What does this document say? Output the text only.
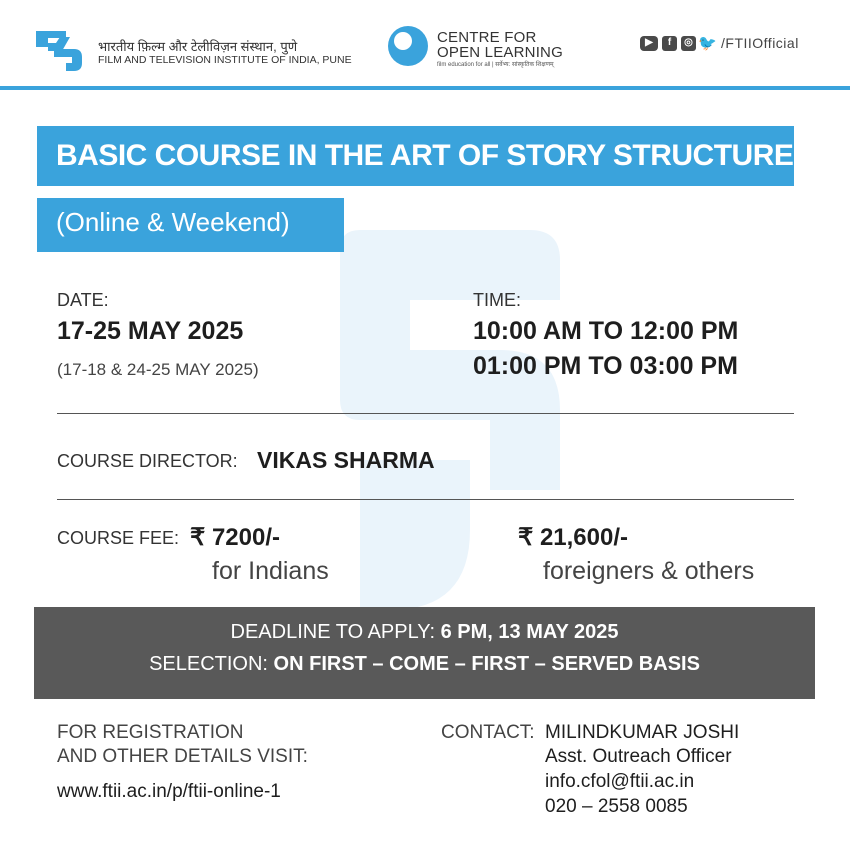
भारतीय फ़िल्म और टेलीविज़न संस्थान, पुणे
FILM AND TELEVISION INSTITUTE OF INDIA, PUNE
CENTRE FOR
OPEN LEARNING
film education for all | सर्वेभ्य: सांस्कृतिक शिक्षणम्
▶	f	◎ 🐦 /FTIIOfficial
BASIC COURSE IN THE ART OF STORY STRUCTURE
(Online & Weekend)
DATE:
17-25 MAY 2025
(17-18 & 24-25 MAY 2025)
TIME:
10:00 AM TO 12:00 PM
01:00 PM TO 03:00 PM
COURSE DIRECTOR: VIKAS SHARMA
COURSE FEE: ₹ 7200/-
for Indians
₹ 21,600/-
foreigners & others
DEADLINE TO APPLY: 6 PM, 13 MAY 2025
SELECTION: ON FIRST – COME – FIRST – SERVED BASIS
FOR REGISTRATION
AND OTHER DETAILS VISIT:
www.ftii.ac.in/p/ftii-online-1
CONTACT: MILINDKUMAR JOSHI
Asst. Outreach Officer
info.cfol@ftii.ac.in
020 – 2558 0085
